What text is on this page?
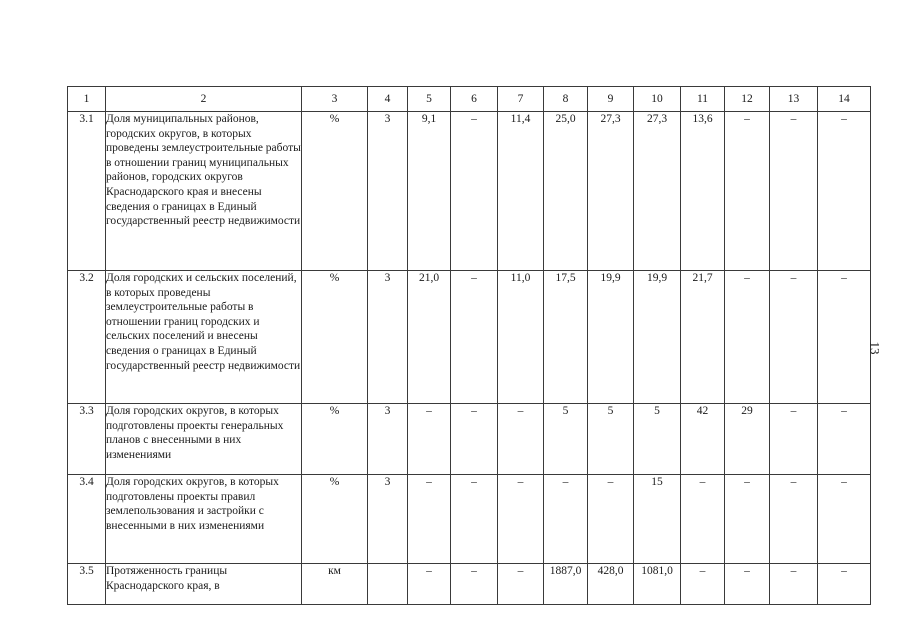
1	2	3	4	5	6	7	8	9	10	11	12	13	14
3.1	Доля муниципальных районов, городских округов, в которых проведены землеустроительные работы в отношении границ муниципальных районов, городских округов Краснодарского края и внесены сведения о границах в Единый государственный реестр недвижимости	%	3	9,1	–	11,4	25,0	27,3	27,3	13,6	–	–	–
3.2	Доля городских и сельских поселений, в которых проведены землеустроительные работы в отношении границ городских и сельских поселений и внесены сведения о границах в Единый государственный реестр недвижимости	%	3	21,0	–	11,0	17,5	19,9	19,9	21,7	–	–	–
3.3	Доля городских округов, в которых подготовлены проекты генеральных планов с внесенными в них изменениями	%	3	–	–	–	5	5	5	42	29	–	–
3.4	Доля городских округов, в которых подготовлены проекты правил землепользования и застройки с внесенными в них изменениями	%	3	–	–	–	–	–	15	–	–	–	–
3.5	Протяженность границы Краснодарского края, в	км		–	–	–	1887,0	428,0	1081,0	–	–	–	–
13
